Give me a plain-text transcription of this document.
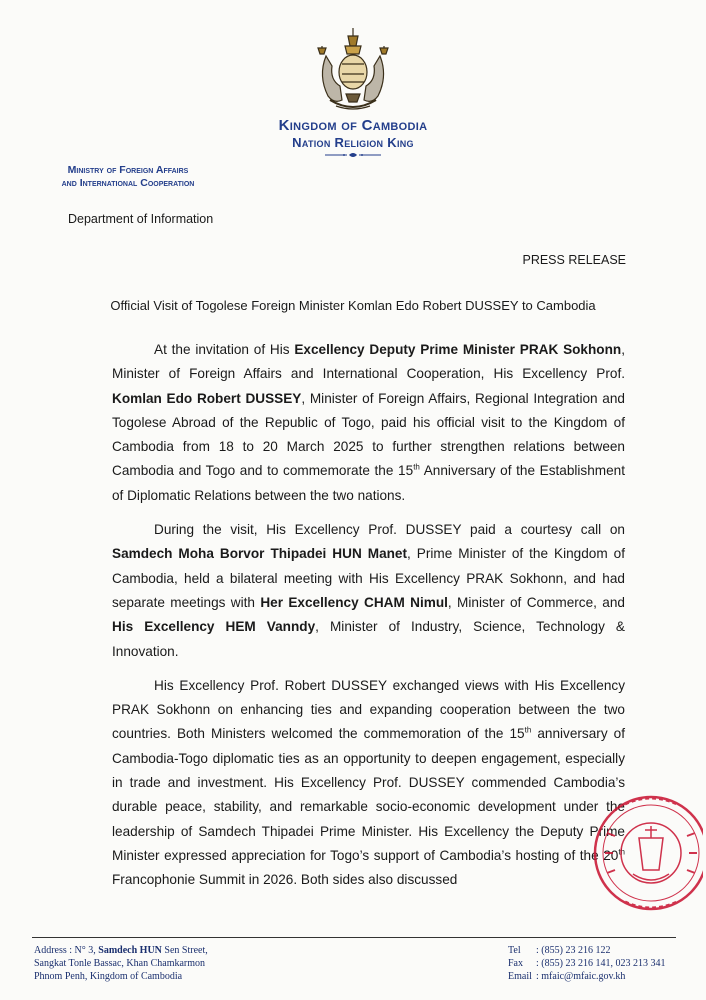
Kingdom of Cambodia
Nation Religion King
Ministry of Foreign Affairs
and International Cooperation
Department of Information
PRESS RELEASE
Official Visit of Togolese Foreign Minister Komlan Edo Robert DUSSEY to Cambodia

At the invitation of His Excellency Deputy Prime Minister PRAK Sokhonn, Minister of Foreign Affairs and International Cooperation, His Excellency Prof. Komlan Edo Robert DUSSEY, Minister of Foreign Affairs, Regional Integration and Togolese Abroad of the Republic of Togo, paid his official visit to the Kingdom of Cambodia from 18 to 20 March 2025 to further strengthen relations between Cambodia and Togo and to commemorate the 15th Anniversary of the Establishment of Diplomatic Relations between the two nations.

During the visit, His Excellency Prof. DUSSEY paid a courtesy call on Samdech Moha Borvor Thipadei HUN Manet, Prime Minister of the Kingdom of Cambodia, held a bilateral meeting with His Excellency PRAK Sokhonn, and had separate meetings with Her Excellency CHAM Nimul, Minister of Commerce, and His Excellency HEM Vanndy, Minister of Industry, Science, Technology & Innovation.

His Excellency Prof. Robert DUSSEY exchanged views with His Excellency PRAK Sokhonn on enhancing ties and expanding cooperation between the two countries. Both Ministers welcomed the commemoration of the 15th anniversary of Cambodia-Togo diplomatic ties as an opportunity to deepen engagement, especially in trade and investment. His Excellency Prof. DUSSEY commended Cambodia’s durable peace, stability, and remarkable socio-economic development under the leadership of Samdech Thipadei Prime Minister. His Excellency the Deputy Prime Minister expressed appreciation for Togo’s support of Cambodia’s hosting of the 20th Francophonie Summit in 2026. Both sides also discussed

Address : N° 3, Samdech HUN Sen Street,
Sangkat Tonle Bassac, Khan Chamkarmon
Phnom Penh, Kingdom of Cambodia
Tel : (855) 23 216 122
Fax : (855) 23 216 141, 023 213 341
Email : mfaic@mfaic.gov.kh
